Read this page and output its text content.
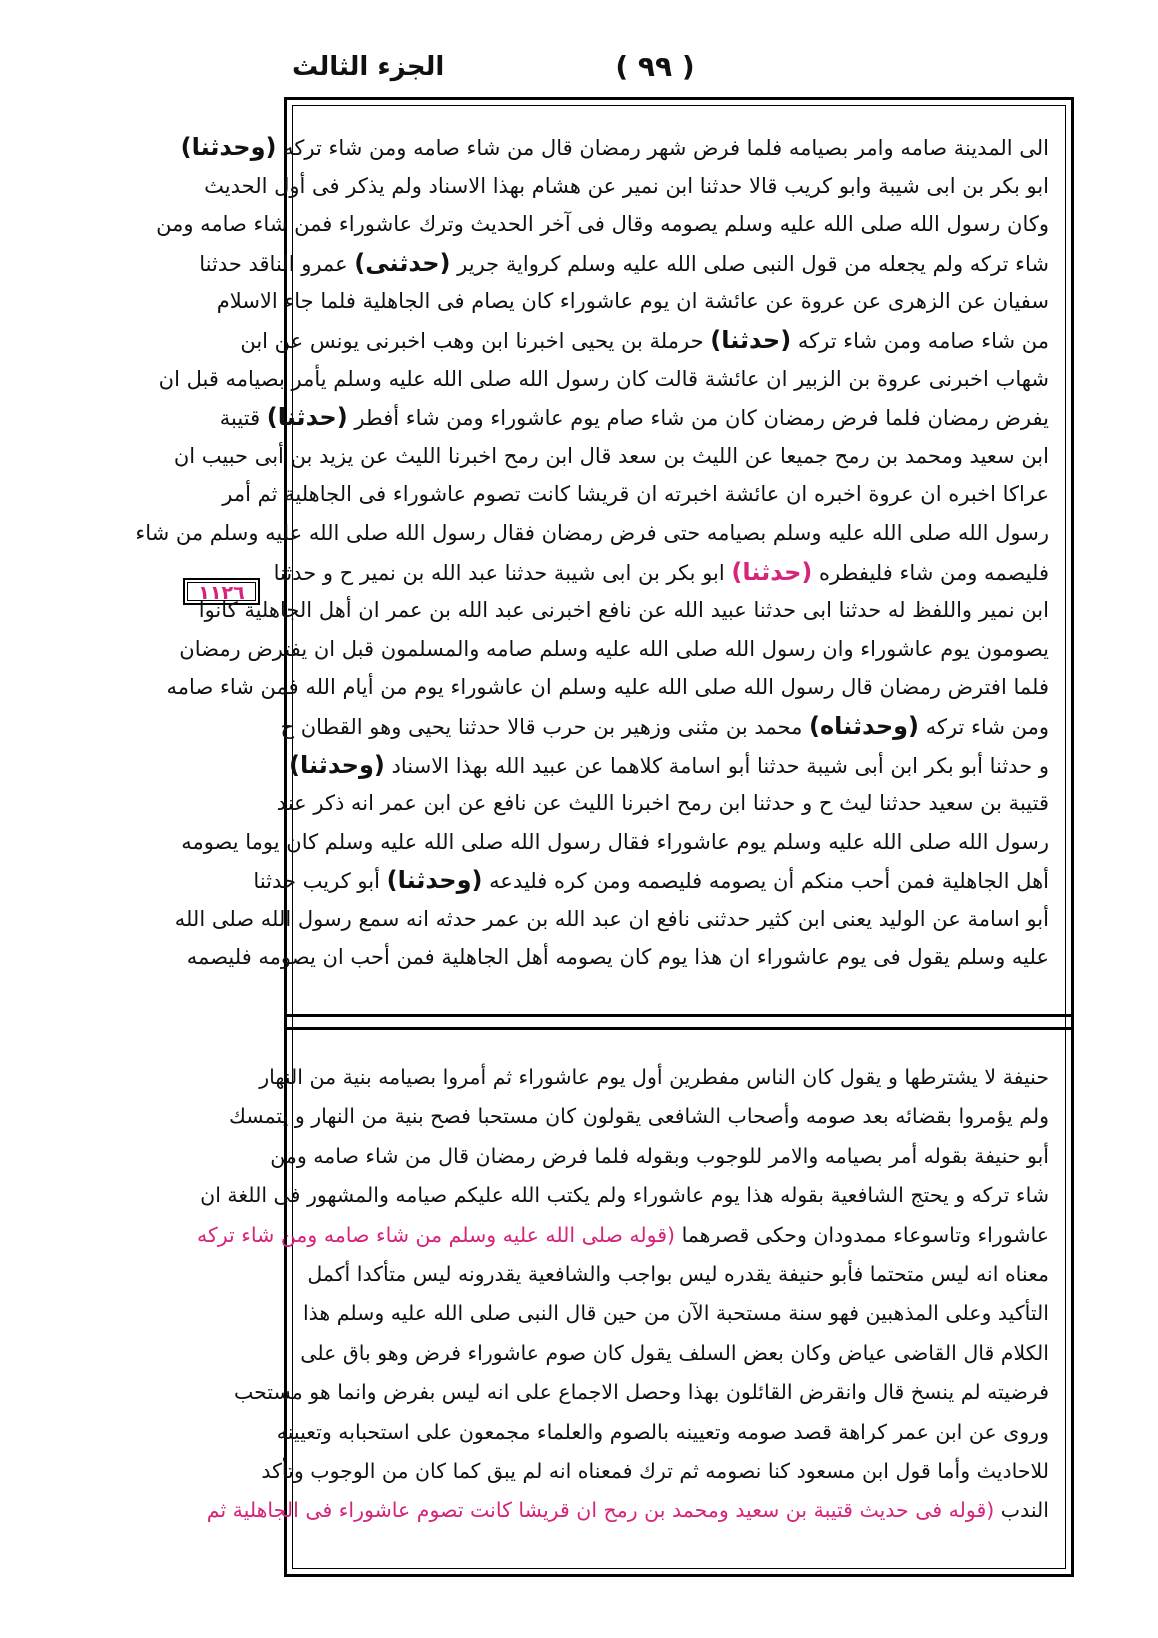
الجزء الثالث	( ٩٩ )
١١٢٦
الى المدينة صامه وامر بصيامه فلما فرض شهر رمضان قال من شاء صامه ومن شاء تركه (وحدثنا)
ابو بكر بن ابى شيبة وابو كريب قالا حدثنا ابن نمير عن هشام بهذا الاسناد ولم يذكر فى أول الحديث
وكان رسول الله صلى الله عليه وسلم يصومه وقال فى آخر الحديث وترك عاشوراء فمن شاء صامه ومن
شاء تركه ولم يجعله من قول النبى صلى الله عليه وسلم كرواية جرير (حدثنى) عمرو الناقد حدثنا
سفيان عن الزهرى عن عروة عن عائشة ان يوم عاشوراء كان يصام فى الجاهلية فلما جاء الاسلام
من شاء صامه ومن شاء تركه (حدثنا) حرملة بن يحيى اخبرنا ابن وهب اخبرنى يونس عن ابن
شهاب اخبرنى عروة بن الزبير ان عائشة قالت كان رسول الله صلى الله عليه وسلم يأمر بصيامه قبل ان
يفرض رمضان فلما فرض رمضان كان من شاء صام يوم عاشوراء ومن شاء أفطر (حدثنا) قتيبة
ابن سعيد ومحمد بن رمح جميعا عن الليث بن سعد قال ابن رمح اخبرنا الليث عن يزيد بن أبى حبيب ان
عراكا اخبره ان عروة اخبره ان عائشة اخبرته ان قريشا كانت تصوم عاشوراء فى الجاهلية ثم أمر
رسول الله صلى الله عليه وسلم بصيامه حتى فرض رمضان فقال رسول الله صلى الله عليه وسلم من شاء
فليصمه ومن شاء فليفطره (حدثنا) ابو بكر بن ابى شيبة حدثنا عبد الله بن نمير ح و حدثنا
ابن نمير واللفظ له حدثنا ابى حدثنا عبيد الله عن نافع اخبرنى عبد الله بن عمر ان أهل الجاهلية كانوا
يصومون يوم عاشوراء وان رسول الله صلى الله عليه وسلم صامه والمسلمون قبل ان يفترض رمضان
فلما افترض رمضان قال رسول الله صلى الله عليه وسلم ان عاشوراء يوم من أيام الله فمن شاء صامه
ومن شاء تركه (وحدثناه) محمد بن مثنى وزهير بن حرب قالا حدثنا يحيى وهو القطان ح
و حدثنا أبو بكر ابن أبى شيبة حدثنا أبو اسامة كلاهما عن عبيد الله بهذا الاسناد (وحدثنا)
قتيبة بن سعيد حدثنا ليث ح و حدثنا ابن رمح اخبرنا الليث عن نافع عن ابن عمر انه ذكر عند
رسول الله صلى الله عليه وسلم يوم عاشوراء فقال رسول الله صلى الله عليه وسلم كان يوما يصومه
أهل الجاهلية فمن أحب منكم أن يصومه فليصمه ومن كره فليدعه (وحدثنا) أبو كريب حدثنا
أبو اسامة عن الوليد يعنى ابن كثير حدثنى نافع ان عبد الله بن عمر حدثه انه سمع رسول الله صلى الله
عليه وسلم يقول فى يوم عاشوراء ان هذا يوم كان يصومه أهل الجاهلية فمن أحب ان يصومه فليصمه
حنيفة لا يشترطها و يقول كان الناس مفطرين أول يوم عاشوراء ثم أمروا بصيامه بنية من النهار
ولم يؤمروا بقضائه بعد صومه وأصحاب الشافعى يقولون كان مستحبا فصح بنية من النهار و يتمسك
أبو حنيفة بقوله أمر بصيامه والامر للوجوب وبقوله فلما فرض رمضان قال من شاء صامه ومن
شاء تركه و يحتج الشافعية بقوله هذا يوم عاشوراء ولم يكتب الله عليكم صيامه والمشهور فى اللغة ان
عاشوراء وتاسوعاء ممدودان وحكى قصرهما (قوله صلى الله عليه وسلم من شاء صامه ومن شاء تركه
معناه انه ليس متحتما فأبو حنيفة يقدره ليس بواجب والشافعية يقدرونه ليس متأكدا أكمل
التأكيد وعلى المذهبين فهو سنة مستحبة الآن من حين قال النبى صلى الله عليه وسلم هذا
الكلام قال القاضى عياض وكان بعض السلف يقول كان صوم عاشوراء فرض وهو باق على
فرضيته لم ينسخ قال وانقرض القائلون بهذا وحصل الاجماع على انه ليس بفرض وانما هو مستحب
وروى عن ابن عمر كراهة قصد صومه وتعيينه بالصوم والعلماء مجمعون على استحبابه وتعيينه
للاحاديث وأما قول ابن مسعود كنا نصومه ثم ترك فمعناه انه لم يبق كما كان من الوجوب وتأكد
الندب (قوله فى حديث قتيبة بن سعيد ومحمد بن رمح ان قريشا كانت تصوم عاشوراء فى الجاهلية ثم
